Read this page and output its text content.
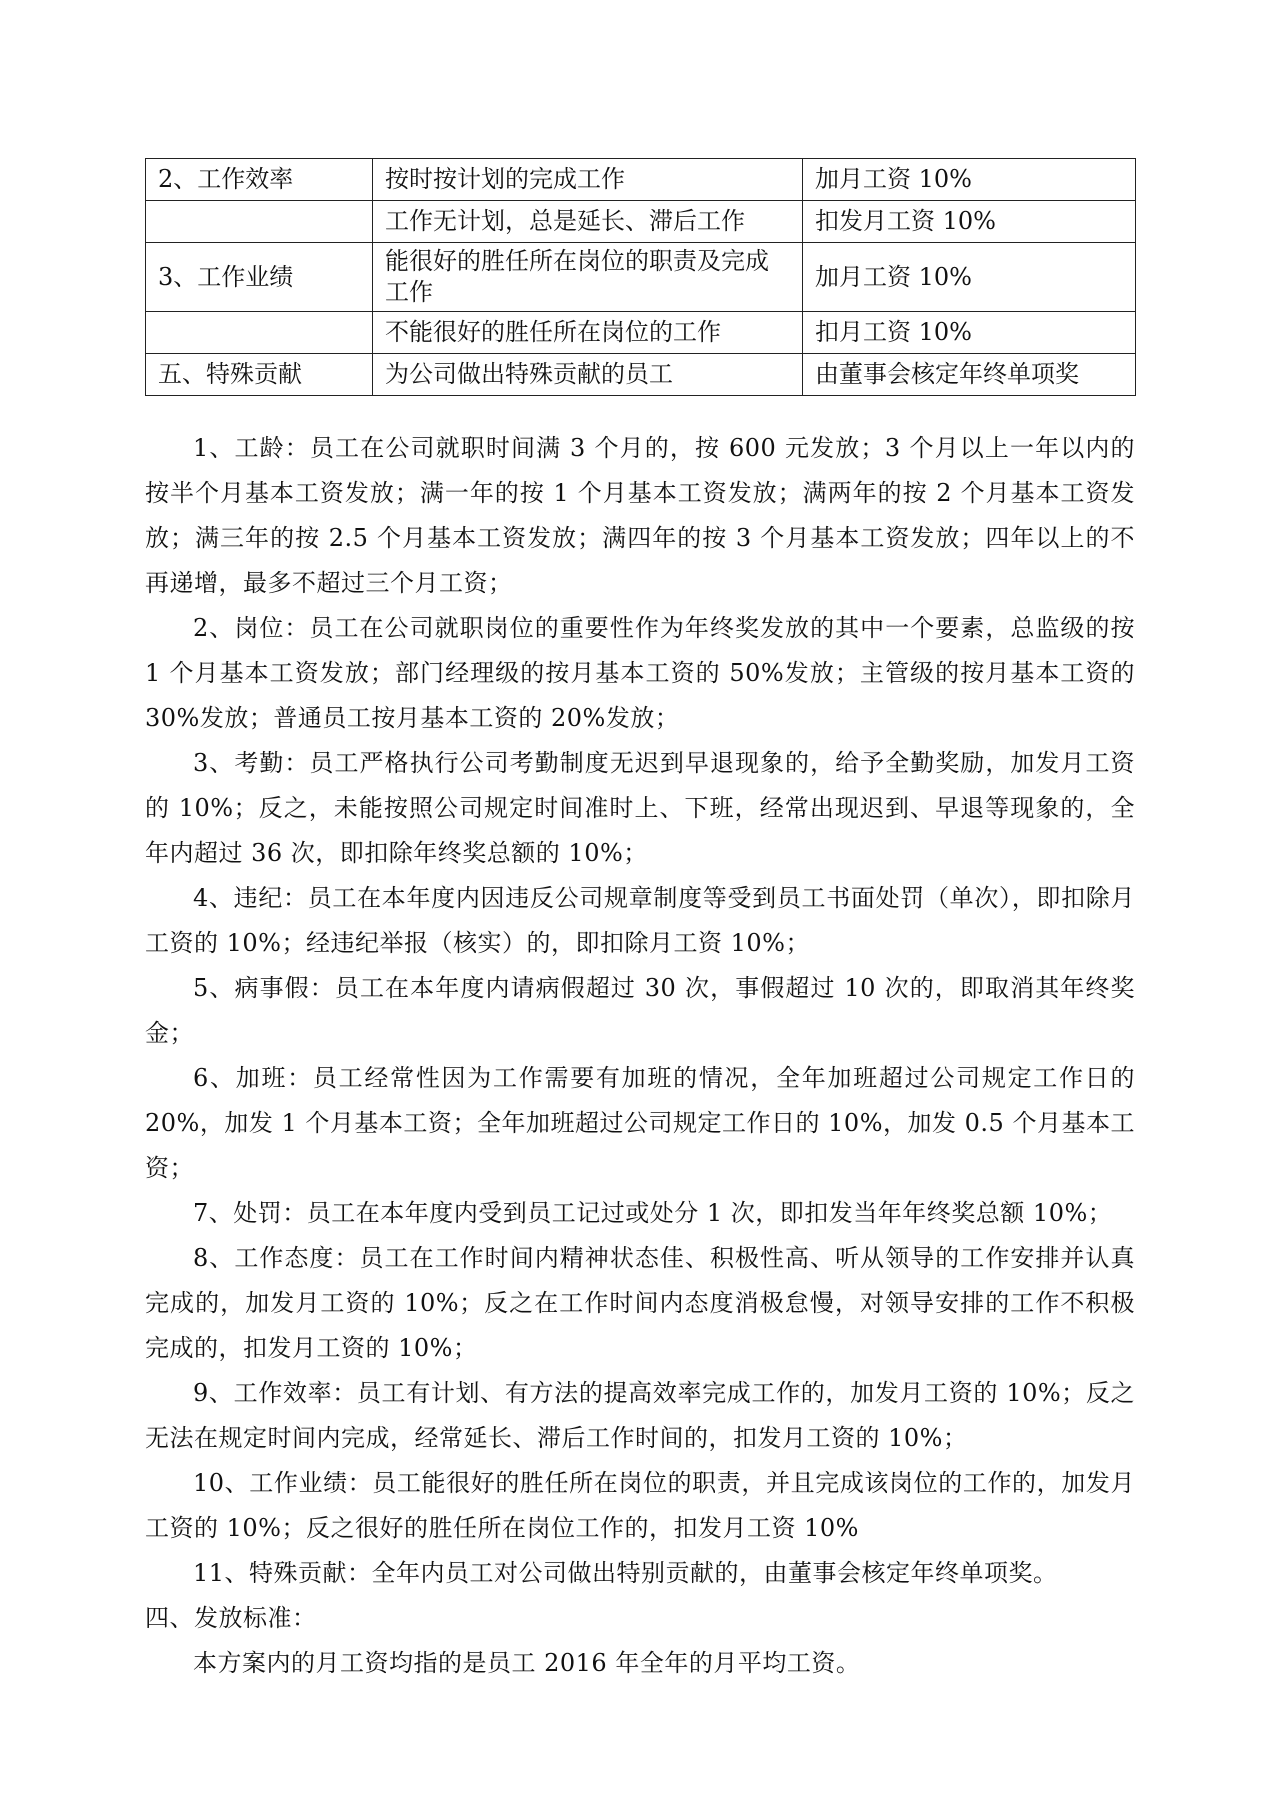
2、工作效率	按时按计划的完成工作	加月工资 10%
	工作无计划，总是延长、滞后工作	扣发月工资 10%
3、工作业绩	能很好的胜任所在岗位的职责及完成工作	加月工资 10%
	不能很好的胜任所在岗位的工作	扣月工资 10%
五、特殊贡献	为公司做出特殊贡献的员工	由董事会核定年终单项奖

1、工龄：员工在公司就职时间满 3 个月的，按 600 元发放；3 个月以上一年以内的按半个月基本工资发放；满一年的按 1 个月基本工资发放；满两年的按 2 个月基本工资发放；满三年的按 2.5 个月基本工资发放；满四年的按 3 个月基本工资发放；四年以上的不再递增，最多不超过三个月工资；

2、岗位：员工在公司就职岗位的重要性作为年终奖发放的其中一个要素，总监级的按 1 个月基本工资发放；部门经理级的按月基本工资的 50%发放；主管级的按月基本工资的 30%发放；普通员工按月基本工资的 20%发放；

3、考勤：员工严格执行公司考勤制度无迟到早退现象的，给予全勤奖励，加发月工资的 10%；反之，未能按照公司规定时间准时上、下班，经常出现迟到、早退等现象的，全年内超过 36 次，即扣除年终奖总额的 10%；

4、违纪：员工在本年度内因违反公司规章制度等受到员工书面处罚（单次），即扣除月工资的 10%；经违纪举报（核实）的，即扣除月工资 10%；

5、病事假：员工在本年度内请病假超过 30 次，事假超过 10 次的，即取消其年终奖金；

6、加班：员工经常性因为工作需要有加班的情况，全年加班超过公司规定工作日的 20%，加发 1 个月基本工资；全年加班超过公司规定工作日的 10%，加发 0.5 个月基本工资；

7、处罚：员工在本年度内受到员工记过或处分 1 次，即扣发当年年终奖总额 10%；

8、工作态度：员工在工作时间内精神状态佳、积极性高、听从领导的工作安排并认真完成的，加发月工资的 10%；反之在工作时间内态度消极怠慢，对领导安排的工作不积极完成的，扣发月工资的 10%；

9、工作效率：员工有计划、有方法的提高效率完成工作的，加发月工资的 10%；反之无法在规定时间内完成，经常延长、滞后工作时间的，扣发月工资的 10%；

10、工作业绩：员工能很好的胜任所在岗位的职责，并且完成该岗位的工作的，加发月工资的 10%；反之很好的胜任所在岗位工作的，扣发月工资 10%

11、特殊贡献：全年内员工对公司做出特别贡献的，由董事会核定年终单项奖。

四、发放标准：

本方案内的月工资均指的是员工 2016 年全年的月平均工资。
